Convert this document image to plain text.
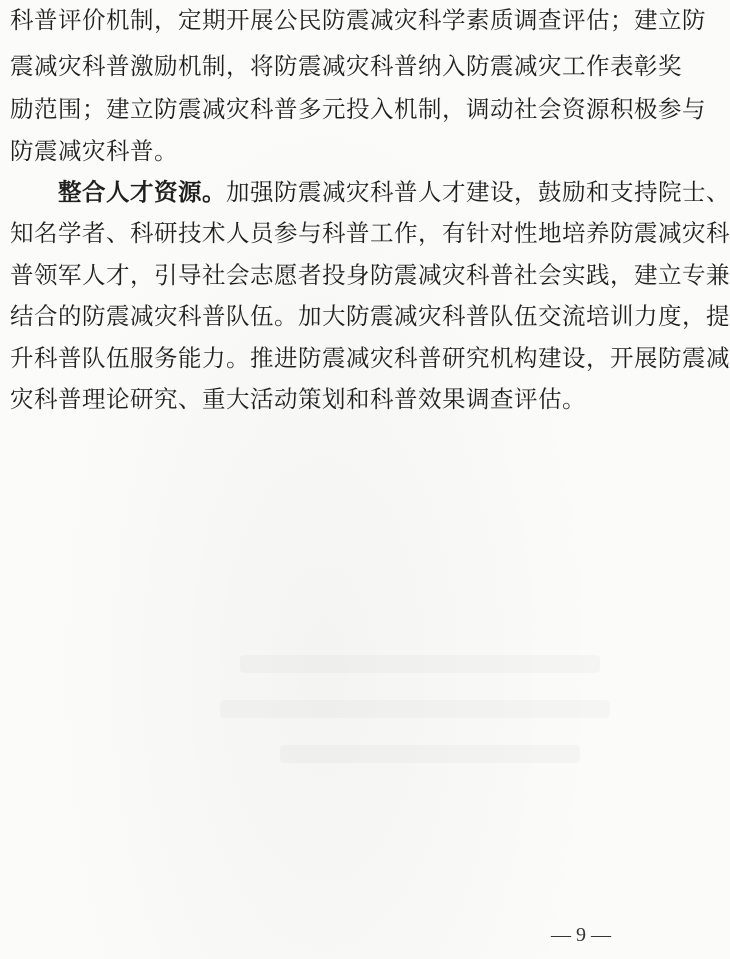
科普评价机制，定期开展公民防震减灾科学素质调查评估；建立防
震减灾科普激励机制，将防震减灾科普纳入防震减灾工作表彰奖
励范围；建立防震减灾科普多元投入机制，调动社会资源积极参与
防震减灾科普。
整合人才资源。加强防震减灾科普人才建设，鼓励和支持院士、
知名学者、科研技术人员参与科普工作，有针对性地培养防震减灾科
普领军人才，引导社会志愿者投身防震减灾科普社会实践，建立专兼
结合的防震减灾科普队伍。加大防震减灾科普队伍交流培训力度，提
升科普队伍服务能力。推进防震减灾科普研究机构建设，开展防震减
灾科普理论研究、重大活动策划和科普效果调查评估。
— 9 —
